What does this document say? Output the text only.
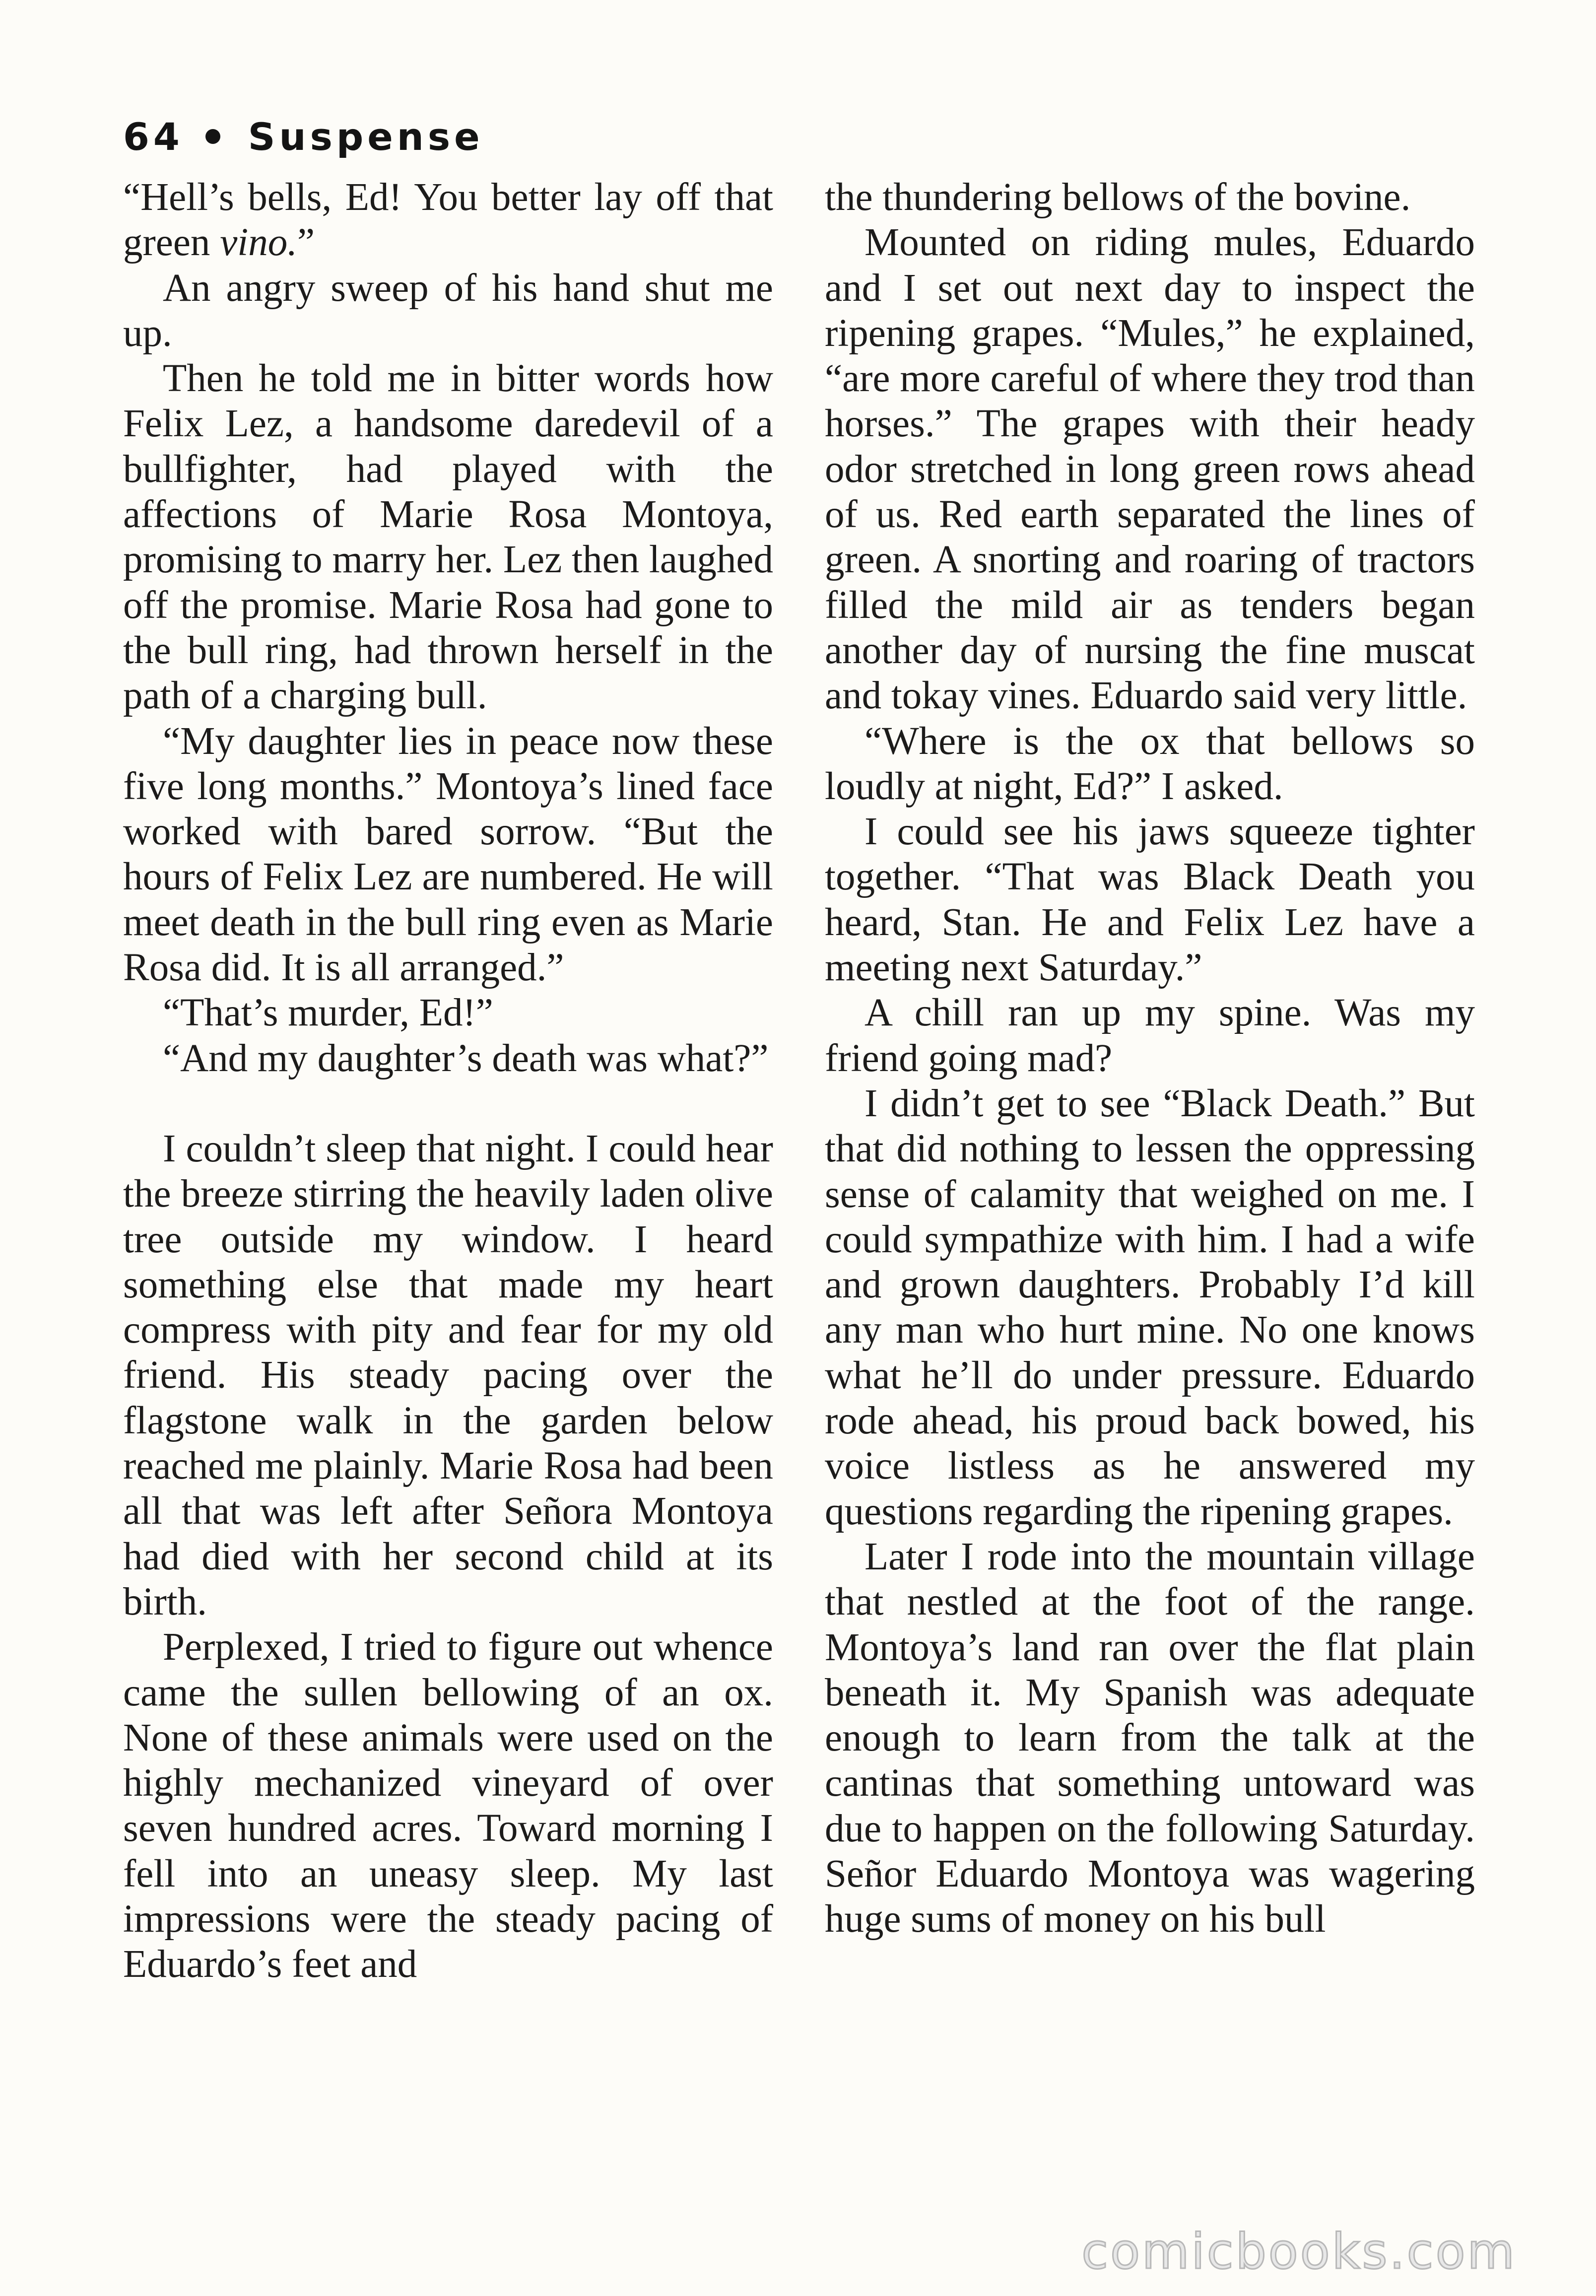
64 Suspense

“Hell’s bells, Ed! You better lay off that green vino.”

An angry sweep of his hand shut me up.

Then he told me in bitter words how Felix Lez, a handsome daredevil of a bullfighter, had played with the affections of Marie Rosa Montoya, promising to marry her. Lez then laughed off the promise. Marie Rosa had gone to the bull ring, had thrown herself in the path of a charging bull.

“My daughter lies in peace now these five long months.” Montoya’s lined face worked with bared sorrow. “But the hours of Felix Lez are numbered. He will meet death in the bull ring even as Marie Rosa did. It is all arranged.”

“That’s murder, Ed!”

“And my daughter’s death was what?”

I couldn’t sleep that night. I could hear the breeze stirring the heavily laden olive tree outside my window. I heard something else that made my heart compress with pity and fear for my old friend. His steady pacing over the flagstone walk in the garden below reached me plainly. Marie Rosa had been all that was left after Señora Montoya had died with her second child at its birth.

Perplexed, I tried to figure out whence came the sullen bellowing of an ox. None of these animals were used on the highly mechanized vineyard of over seven hundred acres. Toward morning I fell into an uneasy sleep. My last impressions were the steady pacing of Eduardo’s feet and

the thundering bellows of the bovine.

Mounted on riding mules, Eduardo and I set out next day to inspect the ripening grapes. “Mules,” he explained, “are more careful of where they trod than horses.” The grapes with their heady odor stretched in long green rows ahead of us. Red earth separated the lines of green. A snorting and roaring of tractors filled the mild air as tenders began another day of nursing the fine muscat and tokay vines. Eduardo said very little.

“Where is the ox that bellows so loudly at night, Ed?” I asked.

I could see his jaws squeeze tighter together. “That was Black Death you heard, Stan. He and Felix Lez have a meeting next Saturday.”

A chill ran up my spine. Was my friend going mad?

I didn’t get to see “Black Death.” But that did nothing to lessen the oppressing sense of calamity that weighed on me. I could sympathize with him. I had a wife and grown daughters. Probably I’d kill any man who hurt mine. No one knows what he’ll do under pressure. Eduardo rode ahead, his proud back bowed, his voice listless as he answered my questions regarding the ripening grapes.

Later I rode into the mountain village that nestled at the foot of the range. Montoya’s land ran over the flat plain beneath it. My Spanish was adequate enough to learn from the talk at the cantinas that something untoward was due to happen on the following Saturday. Señor Eduardo Montoya was wagering huge sums of money on his bull

comicbooks.com
